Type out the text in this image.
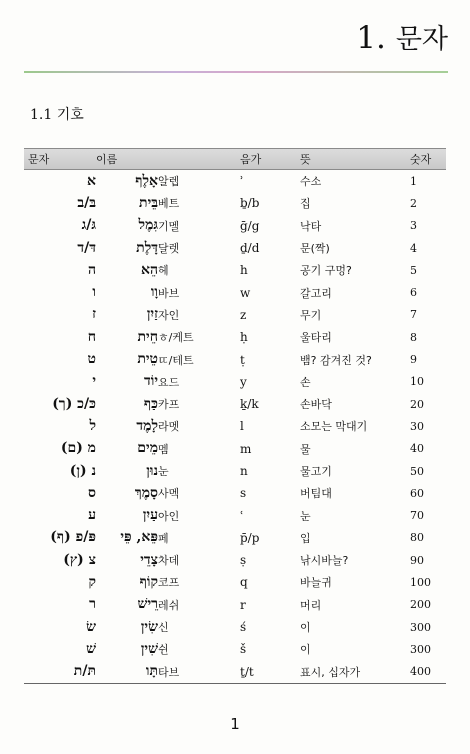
1. 문자
1.1 기호
문자	이름	음가	뜻	숫자
א	אָלֶף 알렙	ʾ	수소	1
בּ/ב	בֵּית 베트	ḇ/b	집	2
גּ/ג	גִּמֶל 기멜	ḡ/g	낙타	3
דּ/ד	דָּלֶת 달렛	ḏ/d	문(짝)	4
ה	הֵא 헤	h	공기 구멍?	5
ו	וָו 바브	w	갈고리	6
ז	זַיִן 자인	z	무기	7
ח	חֵית ㅎ/케트	ḥ	울타리	8
ט	טֵית ㄸ/테트	ṭ	뱀? 감겨진 것?	9
י	יוֹד 요드	y	손	10
כּ/כ (ך)	כַּף 카프	ḵ/k	손바닥	20
ל	לָמֶד 라멧	l	소모는 막대기	30
מ (ם)	מֵים 멤	m	물	40
נ (ן)	נוּן 눈	n	물고기	50
ס	סָמֶךְ 사멕	s	버팀대	60
ע	עַיִן 아인	ʿ	눈	70
פּ/פ (ף)	פֵּא, פֵּי 페	p̄/p	입	80
צ (ץ)	צָדֵי 차데	ṣ	낚시바늘?	90
ק	קוֹף 코프	q	바늘귀	100
ר	רֵישׁ 레쉬	r	머리	200
שׂ	שִׂין 신	ś	이	300
שׁ	שִׁין 쉰	š	이	300
תּ/ת	תָּו 타브	ṯ/t	표시, 십자가	400
1
